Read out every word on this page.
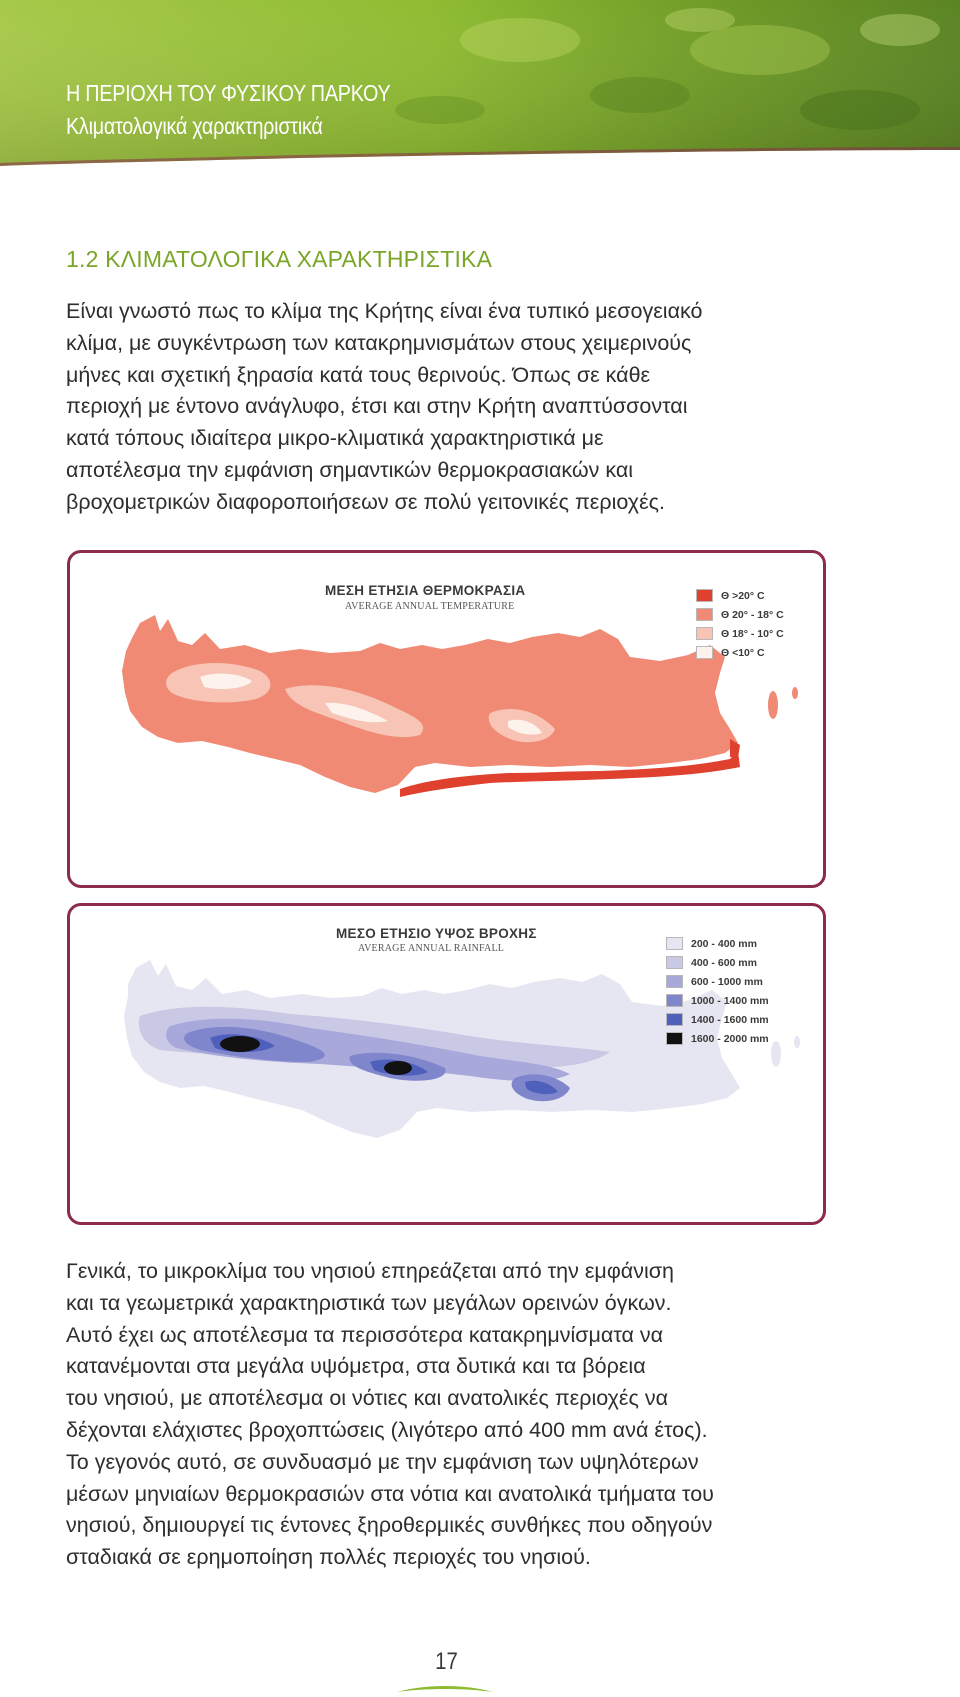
Η ΠΕΡΙΟΧΗ ΤΟΥ ΦΥΣΙΚΟΥ ΠΑΡΚΟΥ
Κλιματολογικά χαρακτηριστικά
1.2 ΚΛΙΜΑΤΟΛΟΓΙΚΑ ΧΑΡΑΚΤΗΡΙΣΤΙΚΑ
Είναι γνωστό πως το κλίμα της Κρήτης είναι ένα τυπικό μεσογειακό
κλίμα, με συγκέντρωση των κατακρημνισμάτων στους χειμερινούς
μήνες και σχετική ξηρασία κατά τους θερινούς. Όπως σε κάθε
περιοχή με έντονο ανάγλυφο, έτσι και στην Κρήτη αναπτύσσονται
κατά τόπους ιδιαίτερα μικρο-κλιματικά χαρακτηριστικά με
αποτέλεσμα την εμφάνιση σημαντικών θερμοκρασιακών και
βροχομετρικών διαφοροποιήσεων σε πολύ γειτονικές περιοχές.
ΜΕΣΗ ΕΤΗΣΙΑ ΘΕΡΜΟΚΡΑΣΙΑ
AVERAGE ANNUAL TEMPERATURE
Θ >20° C
Θ 20° - 18° C
Θ 18° - 10° C
Θ <10° C
ΜΕΣΟ ΕΤΗΣΙΟ ΥΨΟΣ ΒΡΟΧΗΣ
AVERAGE ANNUAL RAINFALL	200 - 400 mm
400 - 600 mm
600 - 1000 mm
1000 - 1400 mm
1400 - 1600 mm
1600 - 2000 mm
Γενικά, το μικροκλίμα του νησιού επηρεάζεται από την εμφάνιση
και τα γεωμετρικά χαρακτηριστικά των μεγάλων ορεινών όγκων.
Αυτό έχει ως αποτέλεσμα τα περισσότερα κατακρημνίσματα να
κατανέμονται στα μεγάλα υψόμετρα, στα δυτικά και τα βόρεια
του νησιού, με αποτέλεσμα οι νότιες και ανατολικές περιοχές να
δέχονται ελάχιστες βροχοπτώσεις (λιγότερο από 400 mm ανά έτος).
Το γεγονός αυτό, σε συνδυασμό με την εμφάνιση των υψηλότερων
μέσων μηνιαίων θερμοκρασιών στα νότια και ανατολικά τμήματα του
νησιού, δημιουργεί τις έντονες ξηροθερμικές συνθήκες που οδηγούν
σταδιακά σε ερημοποίηση πολλές περιοχές του νησιού.
17
